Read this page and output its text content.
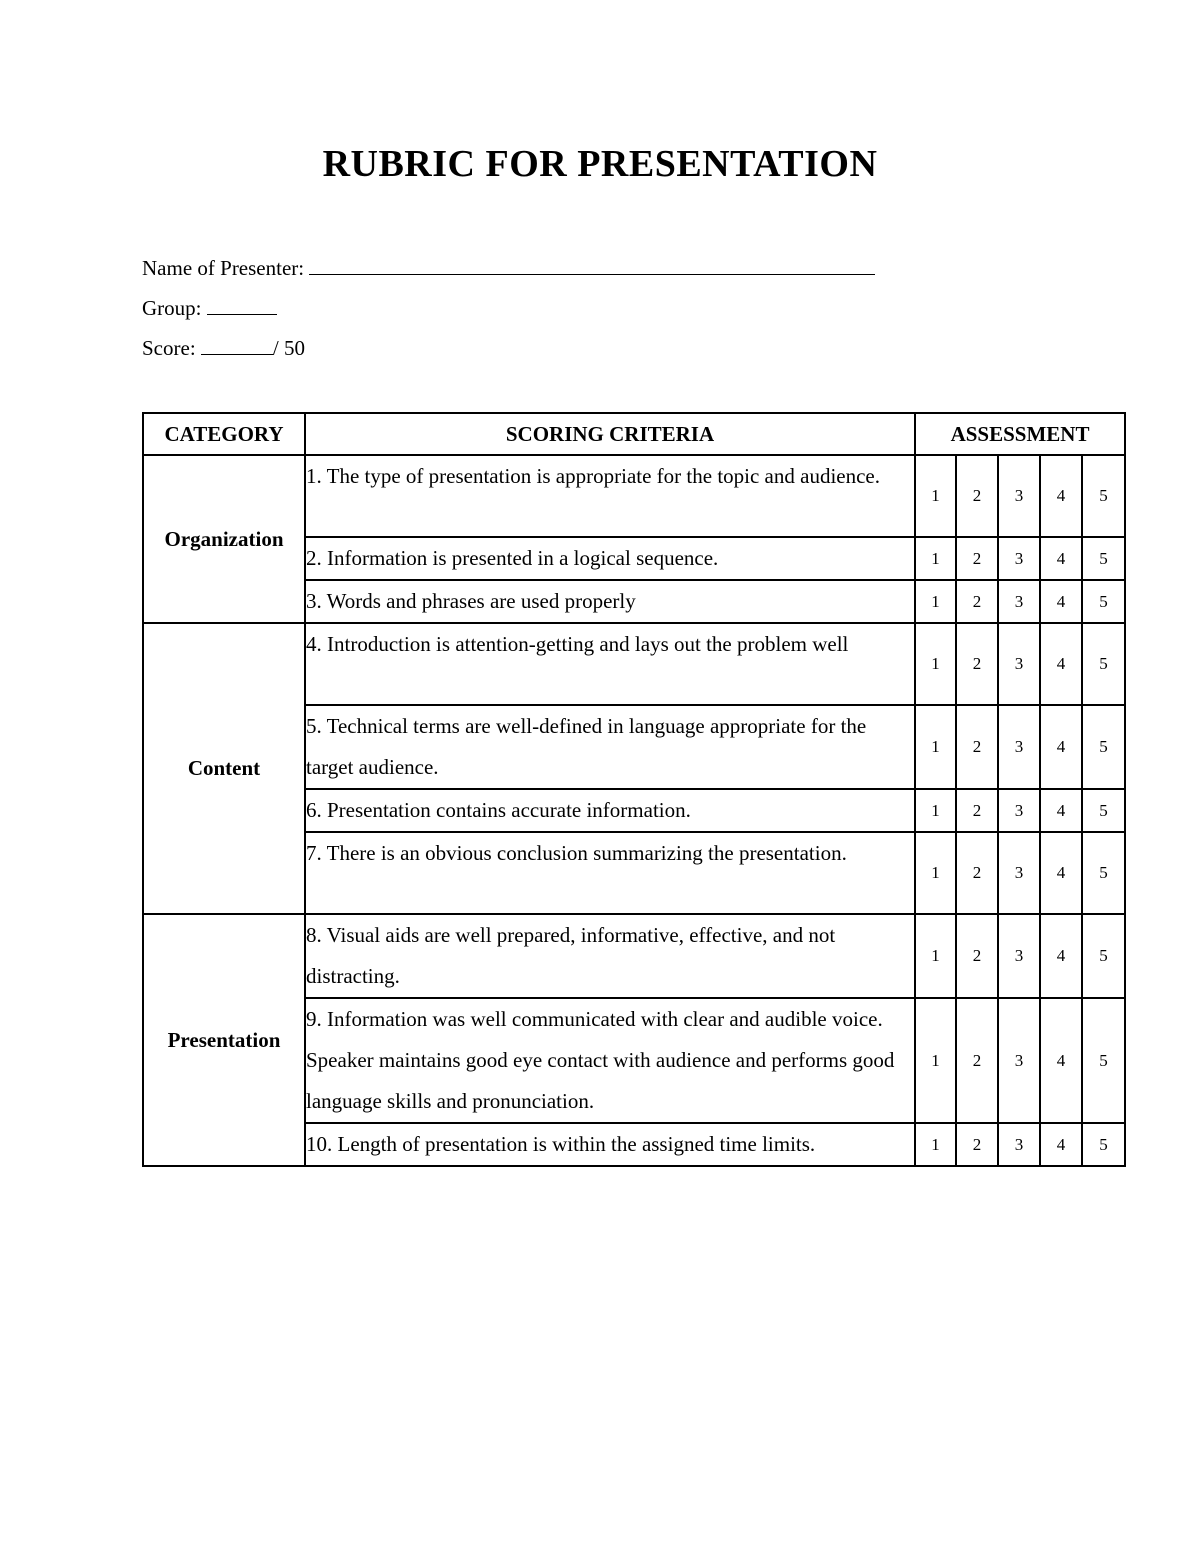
RUBRIC FOR PRESENTATION
Name of Presenter:
Group:
Score:	/ 50
CATEGORY	SCORING CRITERIA	ASSESSMENT				
Organization	1. The type of presentation is appropriate for the topic and audience.	1	2	3	4	5
	2. Information is presented in a logical sequence.	1	2	3	4	5
	3. Words and phrases are used properly	1	2	3	4	5
Content	4. Introduction is attention-getting and lays out the problem well	1	2	3	4	5
	5. Technical terms are well-defined in language appropriate for the target audience.	1	2	3	4	5
	6. Presentation contains accurate information.	1	2	3	4	5
	7. There is an obvious conclusion summarizing the presentation.	1	2	3	4	5
Presentation	8. Visual aids are well prepared, informative, effective, and not distracting.	1	2	3	4	5
	9. Information was well communicated with clear and audible voice. Speaker maintains good eye contact with audience and performs good language skills and pronunciation.	1	2	3	4	5
	10. Length of presentation is within the assigned time limits.	1	2	3	4	5
